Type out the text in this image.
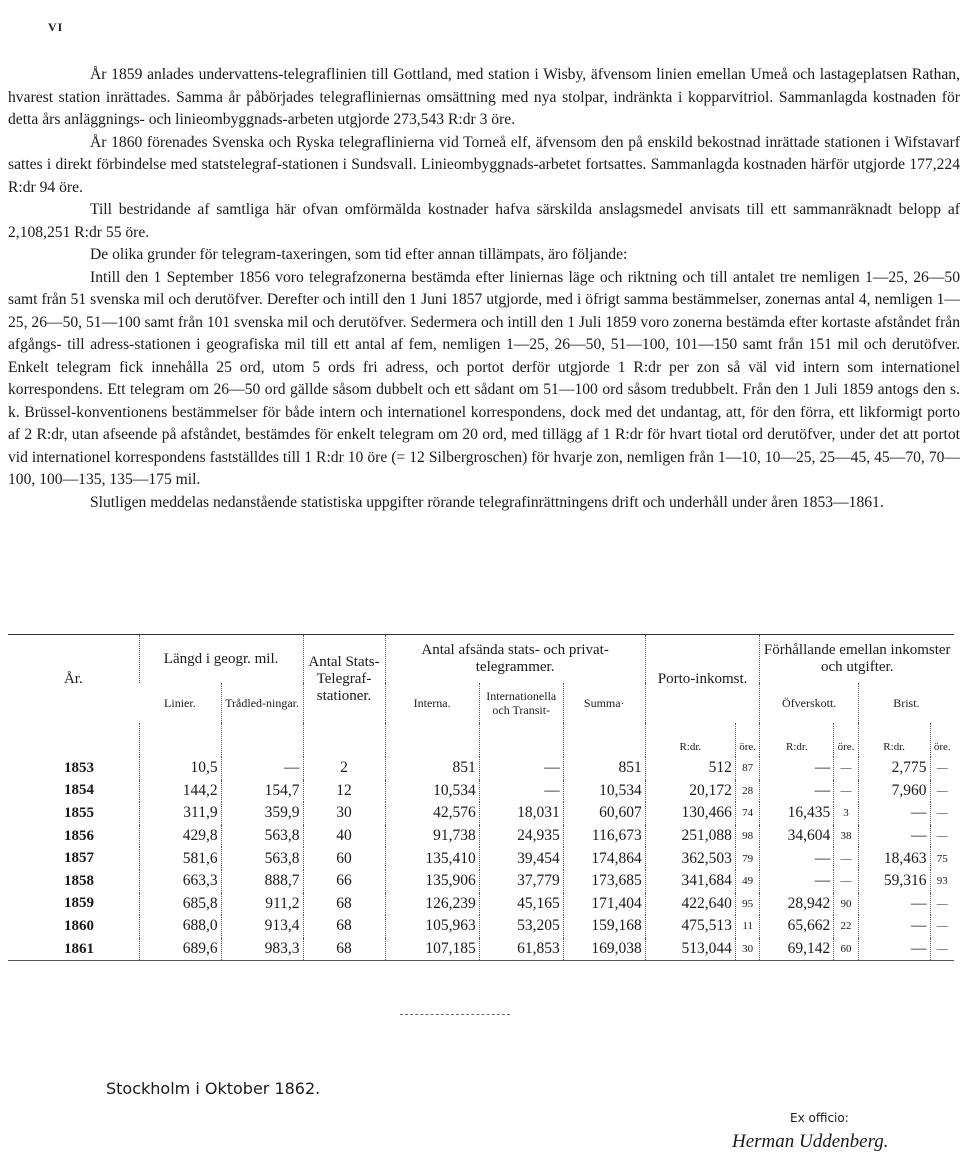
VI

År 1859 anlades undervattens-telegraflinien till Gottland, med station i Wisby, äfvensom linien emellan Umeå och lastageplatsen Rathan, hvarest station inrättades. Samma år påbörjades telegrafliniernas omsättning med nya stolpar, indränkta i kopparvitriol. Sammanlagda kostnaden för detta års anläggnings- och linieombyggnads-arbeten utgjorde 273,543 R:dr 3 öre.

År 1860 förenades Svenska och Ryska telegraflinierna vid Torneå elf, äfvensom den på enskild bekostnad inrättade stationen i Wifstavarf sattes i direkt förbindelse med statstelegraf-stationen i Sundsvall. Linieombyggnads-arbetet fortsattes. Sammanlagda kostnaden härför utgjorde 177,224 R:dr 94 öre.

Till bestridande af samtliga här ofvan omförmälda kostnader hafva särskilda anslagsmedel anvisats till ett sammanräknadt belopp af 2,108,251 R:dr 55 öre.

De olika grunder för telegram-taxeringen, som tid efter annan tillämpats, äro följande:

Intill den 1 September 1856 voro telegrafzonerna bestämda efter liniernas läge och riktning och till antalet tre nemligen 1—25, 26—50 samt från 51 svenska mil och derutöfver. Derefter och intill den 1 Juni 1857 utgjorde, med i öfrigt samma bestämmelser, zonernas antal 4, nemligen 1—25, 26—50, 51—100 samt från 101 svenska mil och derutöfver. Sedermera och intill den 1 Juli 1859 voro zonerna bestämda efter kortaste afståndet från afgångs- till adress-stationen i geografiska mil till ett antal af fem, nemligen 1—25, 26—50, 51—100, 101—150 samt från 151 mil och derutöfver. Enkelt telegram fick innehålla 25 ord, utom 5 ords fri adress, och portot derför utgjorde 1 R:dr per zon så väl vid intern som internationel korrespondens. Ett telegram om 26—50 ord gällde såsom dubbelt och ett sådant om 51—100 ord såsom tredubbelt. Från den 1 Juli 1859 antogs den s. k. Brüssel-konventionens bestämmelser för både intern och internationel korrespondens, dock med det undantag, att, för den förra, ett likformigt porto af 2 R:dr, utan afseende på afståndet, bestämdes för enkelt telegram om 20 ord, med tillägg af 1 R:dr för hvart tiotal ord derutöfver, under det att portot vid internationel korrespondens fastställdes till 1 R:dr 10 öre (= 12 Silbergroschen) för hvarje zon, nemligen från 1—10, 10—25, 25—45, 45—70, 70—100, 100—135, 135—175 mil.

Slutligen meddelas nedanstående statistiska uppgifter rörande telegrafinrättningens drift och underhåll under åren 1853—1861.

År.	Längd i geogr. mil.		Antal Stats-Telegraf-stationer.	Antal afsända stats- och privat-telegrammer.			Porto-inkomst.		Förhållande emellan inkomster och utgifter.			
	Linier.	Trådled-ningar.		Interna.	Internationella och Transit-	Summa·			Öfverskott.		Brist.	
							R:dr.	öre.	R:dr.	öre.	R:dr.	öre.
1853	10,5	—	2	851	—	851	512	87	—	—	2,775	—
1854	144,2	154,7	12	10,534	—	10,534	20,172	28	—	—	7,960	—
1855	311,9	359,9	30	42,576	18,031	60,607	130,466	74	16,435	3	—	—
1856	429,8	563,8	40	91,738	24,935	116,673	251,088	98	34,604	38	—	—
1857	581,6	563,8	60	135,410	39,454	174,864	362,503	79	—	—	18,463	75
1858	663,3	888,7	66	135,906	37,779	173,685	341,684	49	—	—	59,316	93
1859	685,8	911,2	68	126,239	45,165	171,404	422,640	95	28,942	90	—	—
1860	688,0	913,4	68	105,963	53,205	159,168	475,513	11	65,662	22	—	—
1861	689,6	983,3	68	107,185	61,853	169,038	513,044	30	69,142	60	—	—
Stockholm i Oktober 1862.
Ex officio:
Herman Uddenberg.
